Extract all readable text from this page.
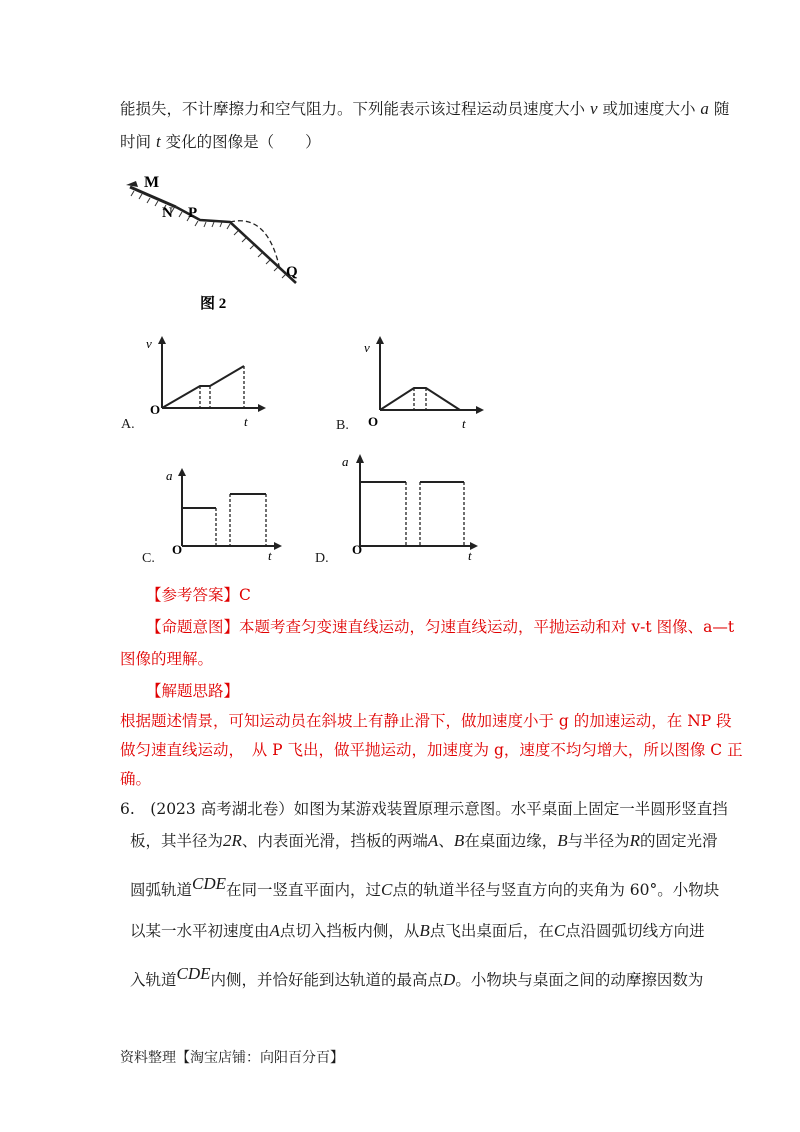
能损失，不计摩擦力和空气阻力。下列能表示该过程运动员速度大小 v 或加速度大小 a 随
时间 t 变化的图像是（　　）
M
N P
Q
图 2
v
O
t
A.
v
O	t
B.
a
O	t
C.
a
O	t
D.
【参考答案】C
【命题意图】本题考查匀变速直线运动，匀速直线运动，平抛运动和对 v-t 图像、a—t
图像的理解。
【解题思路】
根据题述情景，可知运动员在斜坡上有静止滑下，做加速度小于 g 的加速运动，在 NP 段
做匀速直线运动，　从 P 飞出，做平抛运动，加速度为 g，速度不均匀增大，所以图像 C 正
确。
6.　(2023 高考湖北卷）如图为某游戏装置原理示意图。水平桌面上固定一半圆形竖直挡
板，其半径为2R、内表面光滑，挡板的两端A、B在桌面边缘，B与半径为R的固定光滑
圆弧轨道CDE在同一竖直平面内，过C点的轨道半径与竖直方向的夹角为 60°。小物块
以某一水平初速度由A点切入挡板内侧，从B点飞出桌面后，在C点沿圆弧切线方向进
入轨道CDE内侧，并恰好能到达轨道的最高点D。小物块与桌面之间的动摩擦因数为
资料整理【淘宝店铺：向阳百分百】
